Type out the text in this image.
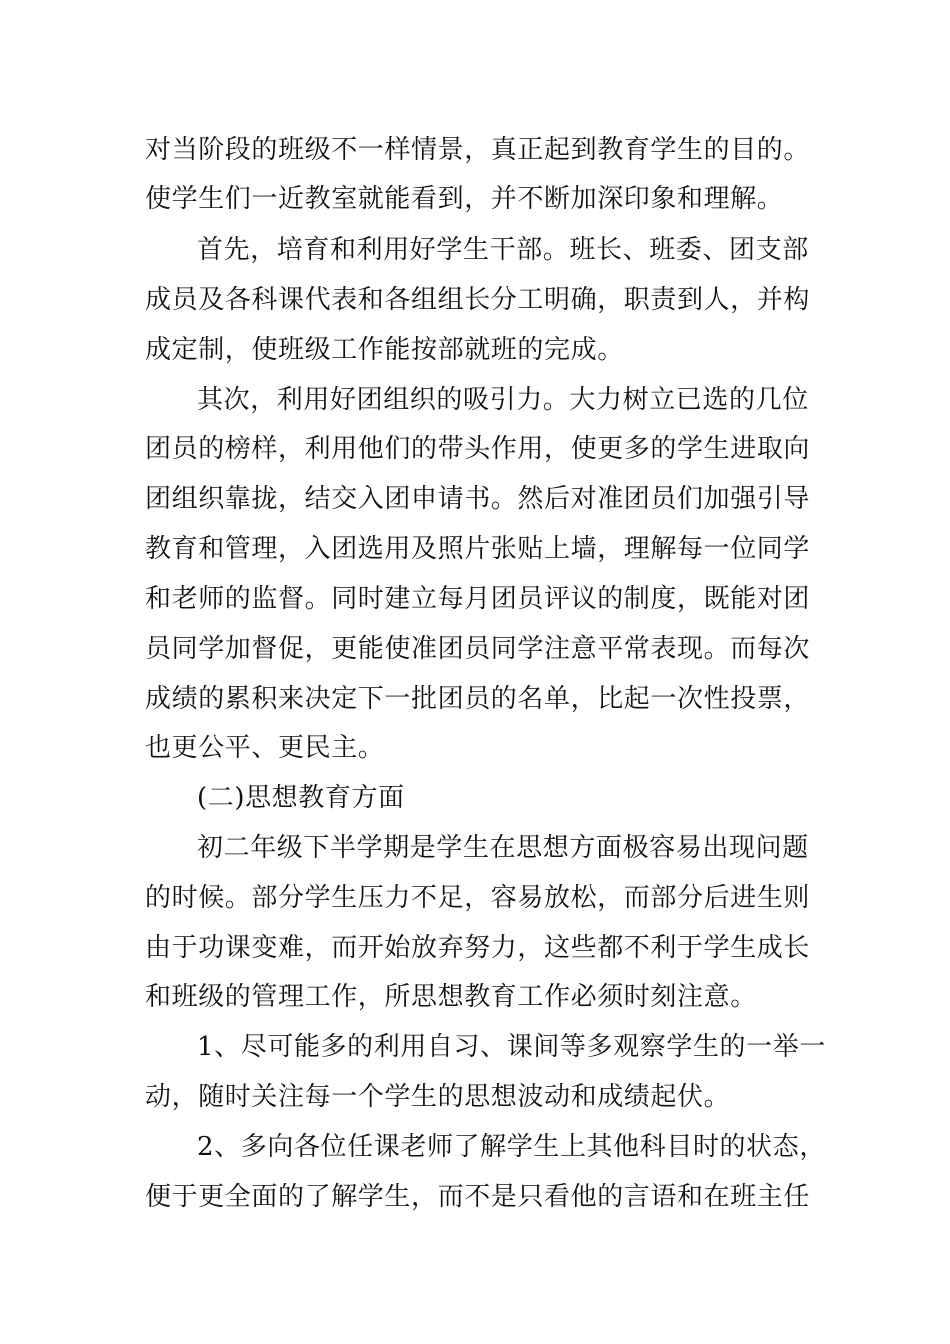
对当阶段的班级不一样情景，真正起到教育学生的目的。
使学生们一近教室就能看到，并不断加深印象和理解。
首先，培育和利用好学生干部。班长、班委、团支部
成员及各科课代表和各组组长分工明确，职责到人，并构
成定制，使班级工作能按部就班的完成。
其次，利用好团组织的吸引力。大力树立已选的几位
团员的榜样，利用他们的带头作用，使更多的学生进取向
团组织靠拢，结交入团申请书。然后对准团员们加强引导
教育和管理，入团选用及照片张贴上墙，理解每一位同学
和老师的监督。同时建立每月团员评议的制度，既能对团
员同学加督促，更能使准团员同学注意平常表现。而每次
成绩的累积来决定下一批团员的名单，比起一次性投票，
也更公平、更民主。
(二)思想教育方面
初二年级下半学期是学生在思想方面极容易出现问题
的时候。部分学生压力不足，容易放松，而部分后进生则
由于功课变难，而开始放弃努力，这些都不利于学生成长
和班级的管理工作，所思想教育工作必须时刻注意。
1、尽可能多的利用自习、课间等多观察学生的一举一
动，随时关注每一个学生的思想波动和成绩起伏。
2、多向各位任课老师了解学生上其他科目时的状态，
便于更全面的了解学生，而不是只看他的言语和在班主任
